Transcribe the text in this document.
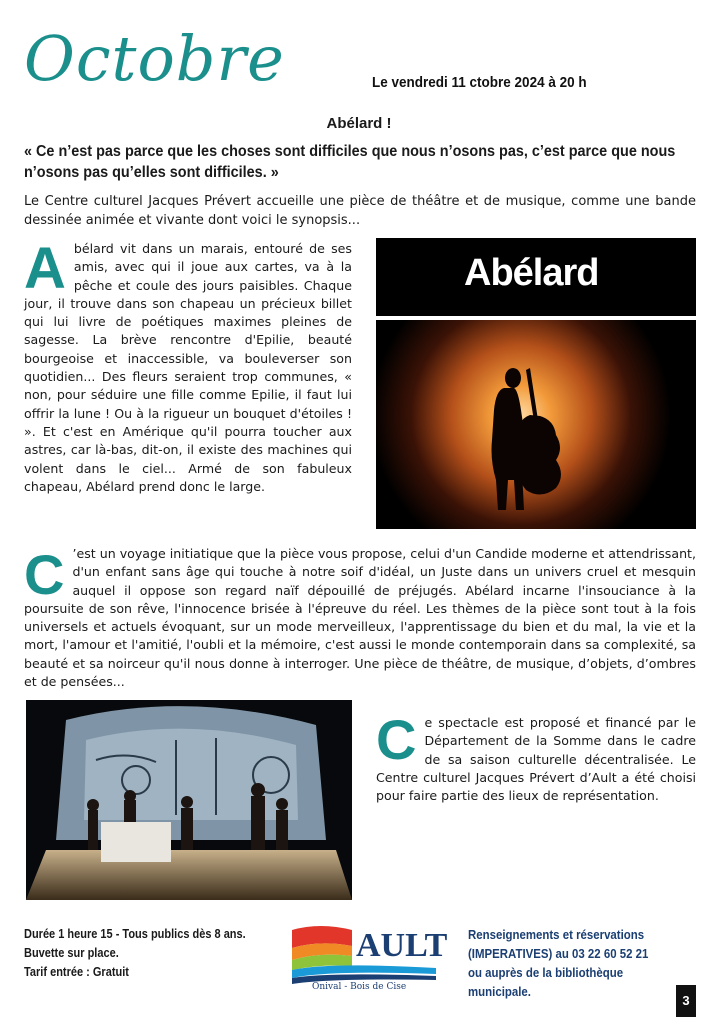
Octobre	Le vendredi 11 ctobre 2024 à 20 h
Abélard !
« Ce n’est pas parce que les choses sont difficiles que nous n’osons pas, c’est parce que nous n’osons pas qu’elles sont difficiles. »
Le Centre culturel Jacques Prévert accueille une pièce de théâtre et de musique, comme une bande dessinée animée et vivante dont voici le synopsis...
A bélard vit dans un marais, entouré de ses amis, avec qui il joue aux cartes, va à la pêche et coule des jours paisibles. Chaque jour, il trouve dans son chapeau un précieux billet qui lui livre de poétiques maximes pleines de sagesse. La brève rencontre d'Epilie, beauté bourgeoise et inaccessible, va bouleverser son quotidien... Des fleurs seraient trop communes, « non, pour séduire une fille comme Epilie, il faut lui offrir la lune ! Ou à la rigueur un bouquet d'étoiles ! ». Et c'est en Amérique qu'il pourra toucher aux astres, car là-bas, dit-on, il existe des machines qui volent dans le ciel... Armé de son fabuleux chapeau, Abélard prend donc le large.
Abélard
C ’est un voyage initiatique que la pièce vous propose, celui d'un Candide moderne et attendrissant, d'un enfant sans âge qui touche à notre soif d'idéal, un Juste dans un univers cruel et mesquin auquel il oppose son regard naïf dépouillé de préjugés. Abélard incarne l'insouciance à la poursuite de son rêve, l'innocence brisée à l'épreuve du réel. Les thèmes de la pièce sont tout à la fois universels et actuels évoquant, sur un mode merveilleux, l'apprentissage du bien et du mal, la vie et la mort, l'amour et l'amitié, l'oubli et la mémoire, c'est aussi le monde contemporain dans sa complexité, sa beauté et sa noirceur qu'il nous donne à interroger. Une pièce de théâtre, de musique, d’objets, d’ombres et de pensées...
C e spectacle est proposé et financé par le Département de la Somme dans le cadre de sa saison culturelle décentralisée. Le Centre culturel Jacques Prévert d’Ault a été choisi pour faire partie des lieux de représentation.
Durée 1 heure 15 - Tous publics dès 8 ans.
Buvette sur place.
Tarif entrée : Gratuit
AULT
Onival - Bois de Cise
Renseignements et réservations
(IMPERATIVES) au 03 22 60 52 21
ou auprès de la bibliothèque municipale.
3
